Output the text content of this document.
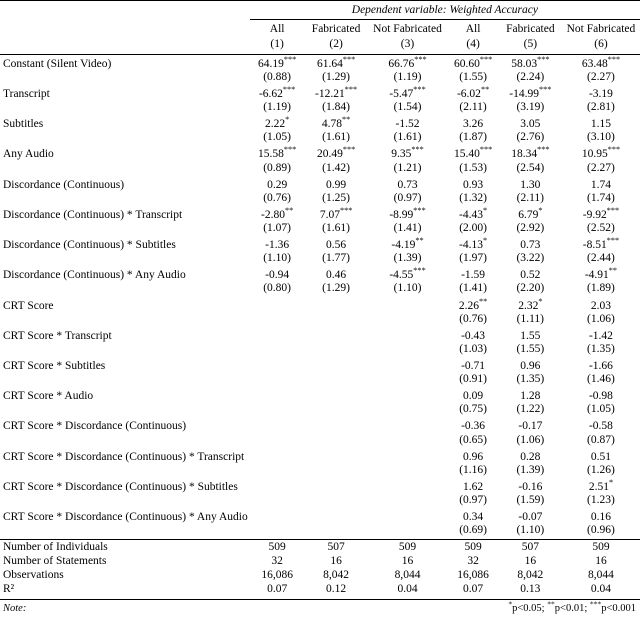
	Dependent variable: Weighted Accuracy					
	All	Fabricated	Not Fabricated	All	Fabricated	Not Fabricated
	(1)	(2)	(3)	(4)	(5)	(6)
Constant (Silent Video)	64.19***	61.64***	66.76***	60.60***	58.03***	63.48***
	(0.88)	(1.29)	(1.19)	(1.55)	(2.24)	(2.27)
Transcript	-6.62***	-12.21***	-5.47***	-6.02**	-14.99***	-3.19
	(1.19)	(1.84)	(1.54)	(2.11)	(3.19)	(2.81)
Subtitles	2.22*	4.78**	-1.52	3.26	3.05	1.15
	(1.05)	(1.61)	(1.61)	(1.87)	(2.76)	(3.10)
Any Audio	15.58***	20.49***	9.35***	15.40***	18.34***	10.95***
	(0.89)	(1.42)	(1.21)	(1.53)	(2.54)	(2.27)
Discordance (Continuous)	0.29	0.99	0.73	0.93	1.30	1.74
	(0.76)	(1.25)	(0.97)	(1.32)	(2.11)	(1.74)
Discordance (Continuous) * Transcript	-2.80**	7.07***	-8.99***	-4.43*	6.79*	-9.92***
	(1.07)	(1.61)	(1.41)	(2.00)	(2.92)	(2.52)
Discordance (Continuous) * Subtitles	-1.36	0.56	-4.19**	-4.13*	0.73	-8.51***
	(1.10)	(1.77)	(1.39)	(1.97)	(3.22)	(2.44)
Discordance (Continuous) * Any Audio	-0.94	0.46	-4.55***	-1.59	0.52	-4.91**
	(0.80)	(1.29)	(1.10)	(1.41)	(2.20)	(1.89)
CRT Score				2.26**	2.32*	2.03
				(0.76)	(1.11)	(1.06)
CRT Score * Transcript				-0.43	1.55	-1.42
				(1.03)	(1.55)	(1.35)
CRT Score * Subtitles				-0.71	0.96	-1.66
				(0.91)	(1.35)	(1.46)
CRT Score * Audio				0.09	1.28	-0.98
				(0.75)	(1.22)	(1.05)
CRT Score * Discordance (Continuous)				-0.36	-0.17	-0.58
				(0.65)	(1.06)	(0.87)
CRT Score * Discordance (Continuous) * Transcript				0.96	0.28	0.51
				(1.16)	(1.39)	(1.26)
CRT Score * Discordance (Continuous) * Subtitles				1.62	-0.16	2.51*
				(0.97)	(1.59)	(1.23)
CRT Score * Discordance (Continuous) * Any Audio				0.34	-0.07	0.16
				(0.69)	(1.10)	(0.96)
Number of Individuals	509	507	509	509	507	509
Number of Statements	32	16	16	32	16	16
Observations	16,086	8,042	8,044	16,086	8,042	8,044
R²	0.07	0.12	0.04	0.07	0.13	0.04
Note:	*p<0.05; **p<0.01; ***p<0.001					
